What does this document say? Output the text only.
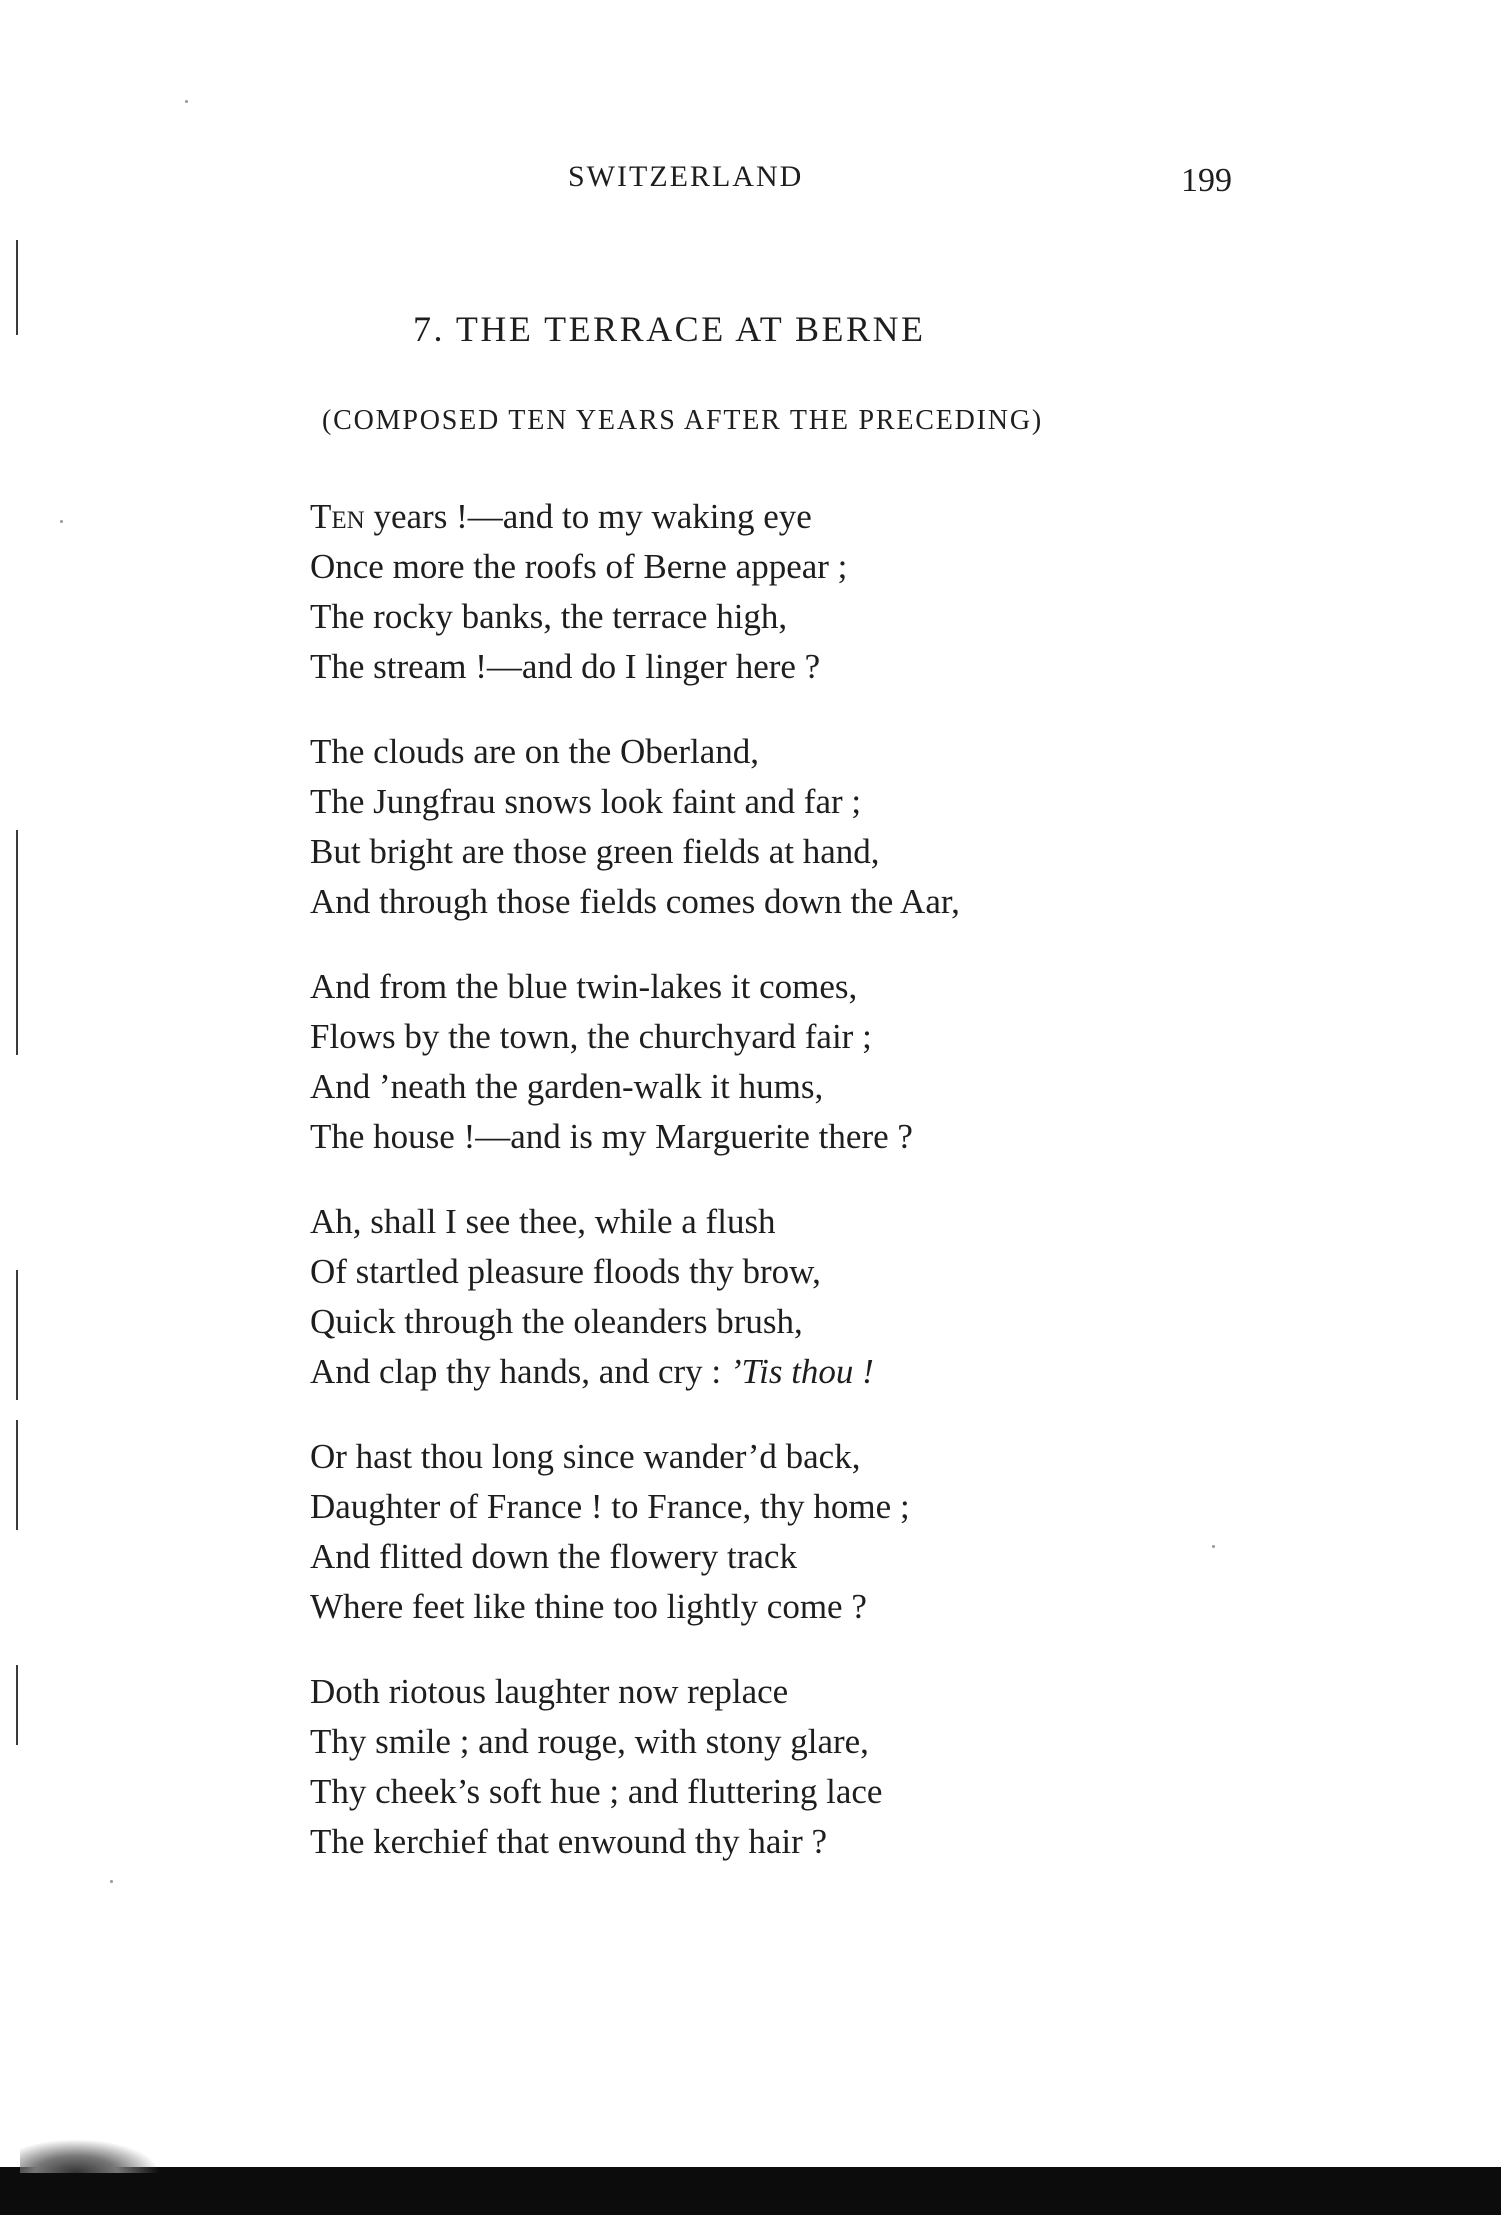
SWITZERLAND	199
7. THE TERRACE AT BERNE
(COMPOSED TEN YEARS AFTER THE PRECEDING)
Ten years !—and to my waking eye
Once more the roofs of Berne appear ;
The rocky banks, the terrace high,
The stream !—and do I linger here ?
The clouds are on the Oberland,
The Jungfrau snows look faint and far ;
But bright are those green fields at hand,
And through those fields comes down the Aar,
And from the blue twin-lakes it comes,
Flows by the town, the churchyard fair ;
And ’neath the garden-walk it hums,
The house !—and is my Marguerite there ?
Ah, shall I see thee, while a flush
Of startled pleasure floods thy brow,
Quick through the oleanders brush,
And clap thy hands, and cry : ’Tis thou !
Or hast thou long since wander’d back,
Daughter of France ! to France, thy home ;
And flitted down the flowery track
Where feet like thine too lightly come ?
Doth riotous laughter now replace
Thy smile ; and rouge, with stony glare,
Thy cheek’s soft hue ; and fluttering lace
The kerchief that enwound thy hair ?
